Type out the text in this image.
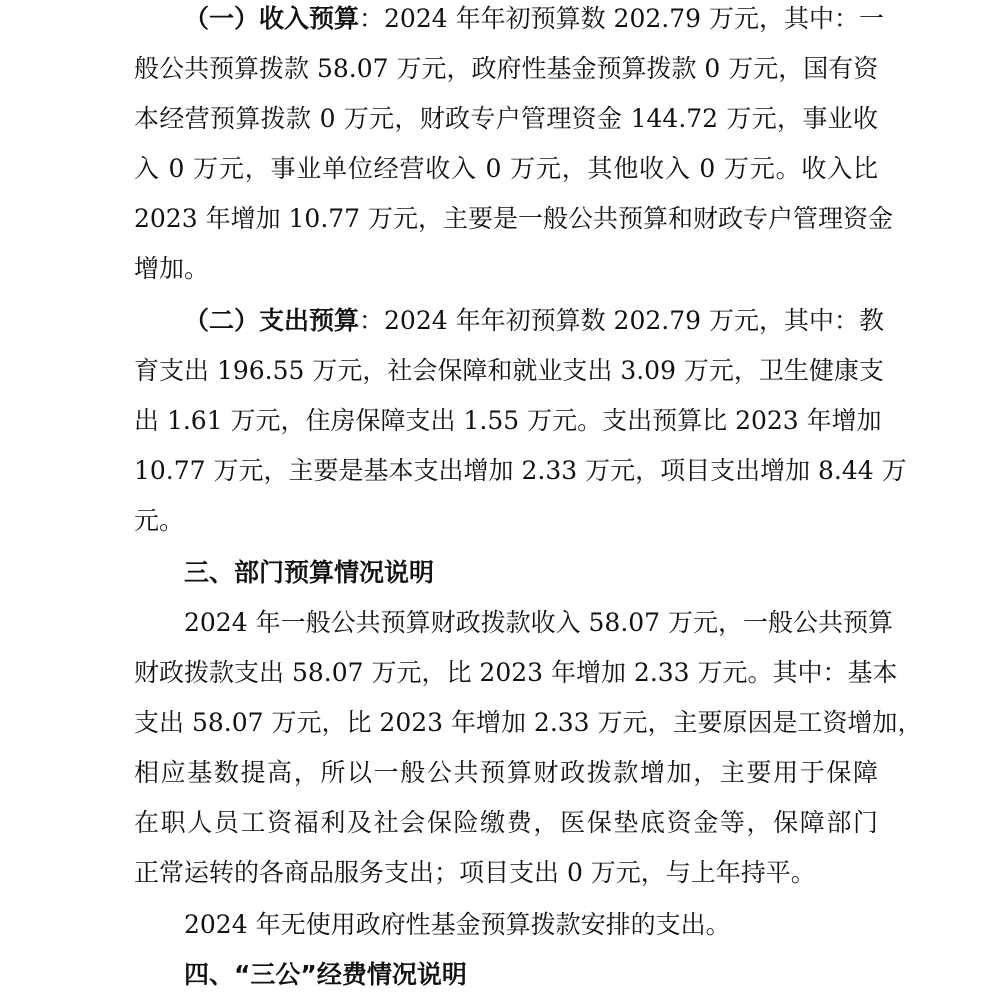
（一）收入预算：2024 年年初预算数 202.79 万元，其中：一
般公共预算拨款 58.07 万元，政府性基金预算拨款 0 万元，国有资
本经营预算拨款 0 万元，财政专户管理资金 144.72 万元，事业收
入 0 万元，事业单位经营收入 0 万元，其他收入 0 万元。收入比
2023 年增加 10.77 万元，主要是一般公共预算和财政专户管理资金
增加。
（二）支出预算：2024 年年初预算数 202.79 万元，其中：教
育支出 196.55 万元，社会保障和就业支出 3.09 万元，卫生健康支
出 1.61 万元，住房保障支出 1.55 万元。支出预算比 2023 年增加
10.77 万元，主要是基本支出增加 2.33 万元，项目支出增加 8.44 万
元。
三、部门预算情况说明
2024 年一般公共预算财政拨款收入 58.07 万元，一般公共预算
财政拨款支出 58.07 万元，比 2023 年增加 2.33 万元。其中：基本
支出 58.07 万元，比 2023 年增加 2.33 万元，主要原因是工资增加，
相应基数提高，所以一般公共预算财政拨款增加，主要用于保障
在职人员工资福利及社会保险缴费，医保垫底资金等，保障部门
正常运转的各商品服务支出；项目支出 0 万元，与上年持平。
2024 年无使用政府性基金预算拨款安排的支出。
四、“三公”经费情况说明
